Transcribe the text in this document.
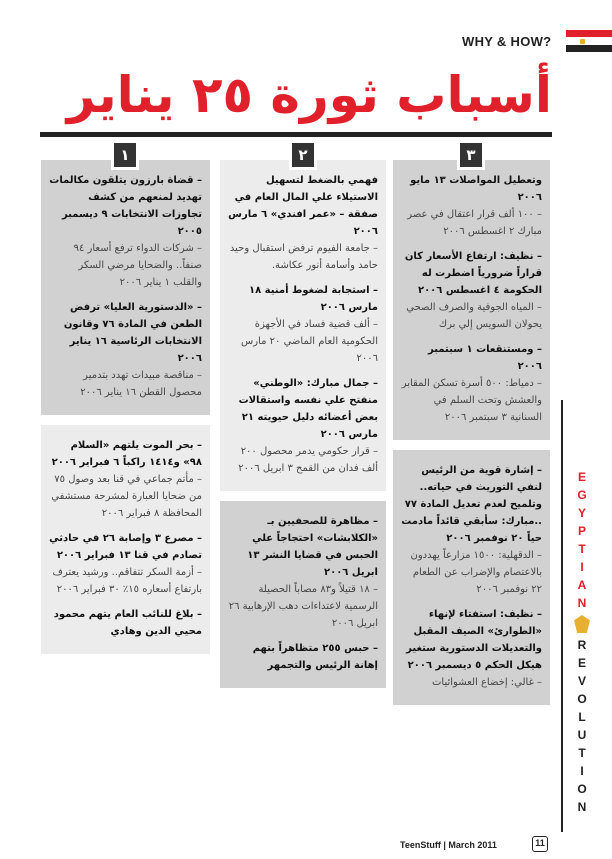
WHY & HOW?
أسباب ثورة ٢٥ يناير
– قضاة بارزون يتلقون مكالمات تهديد لمنعهم من كشف تجاوزات الانتخابات ٩ ديسمبر ٢٠٠٥
– شركات الدواء ترفع أسعار ٩٤ صنفاً.. والضحايا مرضي السكر والقلب ١ يناير ٢٠٠٦
– «الدستورية العليا» ترفض الطعن في المادة ٧٦ وقانون الانتخابات الرئاسية ١٦ يناير ٢٠٠٦
– مناقصة مبيدات تهدد بتدمير محصول القطن ١٦ يناير ٢٠٠٦
– بحر الموت يلتهم «السلام ٩٨» و١٤١٤ راكباً ٦ فبراير ٢٠٠٦
– مأتم جماعي في قنا بعد وصول ٧٥ من ضحايا العبارة لمشرحة مستشفي المحافظة ٨ فبراير ٢٠٠٦
– مصرع ٣ وإصابة ٢٦ في حادثي تصادم في قنا ١٣ فبراير ٢٠٠٦
– أزمة السكر تتفاقم.. ورشيد يعترف بارتفاع أسعاره ١٥٪ ٣٠ فبراير ٢٠٠٦
– بلاغ للنائب العام يتهم محمود محيي الدين وهادي
١
فهمي بالضغط لتسهيل الاستيلاء علي المال العام في صفقة – «عمر افندي» ٦ مارس ٢٠٠٦
– جامعة الفيوم ترفض استقبال وحيد حامد وأسامة أنور عكاشة.
– استجابة لضغوط أمنية ١٨ مارس ٢٠٠٦
– ألف قضية فساد في الأجهزة الحكومية العام الماضي ٢٠ مارس ٢٠٠٦
– جمال مبارك: «الوطني» منفتح علي نفسه واستقالات بعض أعضائه دليل حيويته ٢١ مارس ٢٠٠٦
– قرار حكومي يدمر محصول ٢٠٠ ألف فدان من القمح ٣ ابريل ٢٠٠٦
– مظاهرة للصحفيين بـ «الكلابشات» احتجاجاً علي الحبس في قضايا النشر ١٣ ابريل ٢٠٠٦
– ١٨ قتيلاً و٨٣ مصاباً الحصيلة الرسمية لاعتداءات دهب الإرهابية ٢٦ ابريل ٢٠٠٦
– حبس ٢٥٥ متظاهراً بتهم إهانة الرئيس والتجمهر
٢
وتعطيل المواصلات ١٣ مايو ٢٠٠٦
– ١٠٠ ألف قرار اعتقال في عصر مبارك ٢ اغسطس ٢٠٠٦
– نظيف: ارتفاع الأسعار كان قراراً ضرورياً اضطرت له الحكومة ٤ اغسطس ٢٠٠٦
– المياه الجوفية والصرف الصحي يحولان السويس إلي برك
– ومستنقعات ١ سبتمبر ٢٠٠٦
– دمياط: ٥٠٠ أسرة تسكن المقابر والعشش وتحت السلم في السنانية ٣ سبتمبر ٢٠٠٦
– إشارة قوية من الرئيس لنفي التوريث في حياته.. وتلميح لعدم تعديل المادة ٧٧ ..مبارك: سأبقي قائداً مادمت حياً ٢٠ نوفمبر ٢٠٠٦
– الدقهلية: ١٥٠٠ مزارعاً يهددون بالاعتصام والإضراب عن الطعام ٢٢ نوفمبر ٢٠٠٦
– نظيف: استفتاء لإنهاء «الطوارئ» الصيف المقبل والتعديلات الدستورية ستغير هيكل الحكم ٥ ديسمبر ٢٠٠٦
– غالي: إخضاع العشوائيات
٣
E
G
Y
P
T
I
A
N
R
E
V
O
L
U
T
I
O
N
TeenStuff | March 2011	11
